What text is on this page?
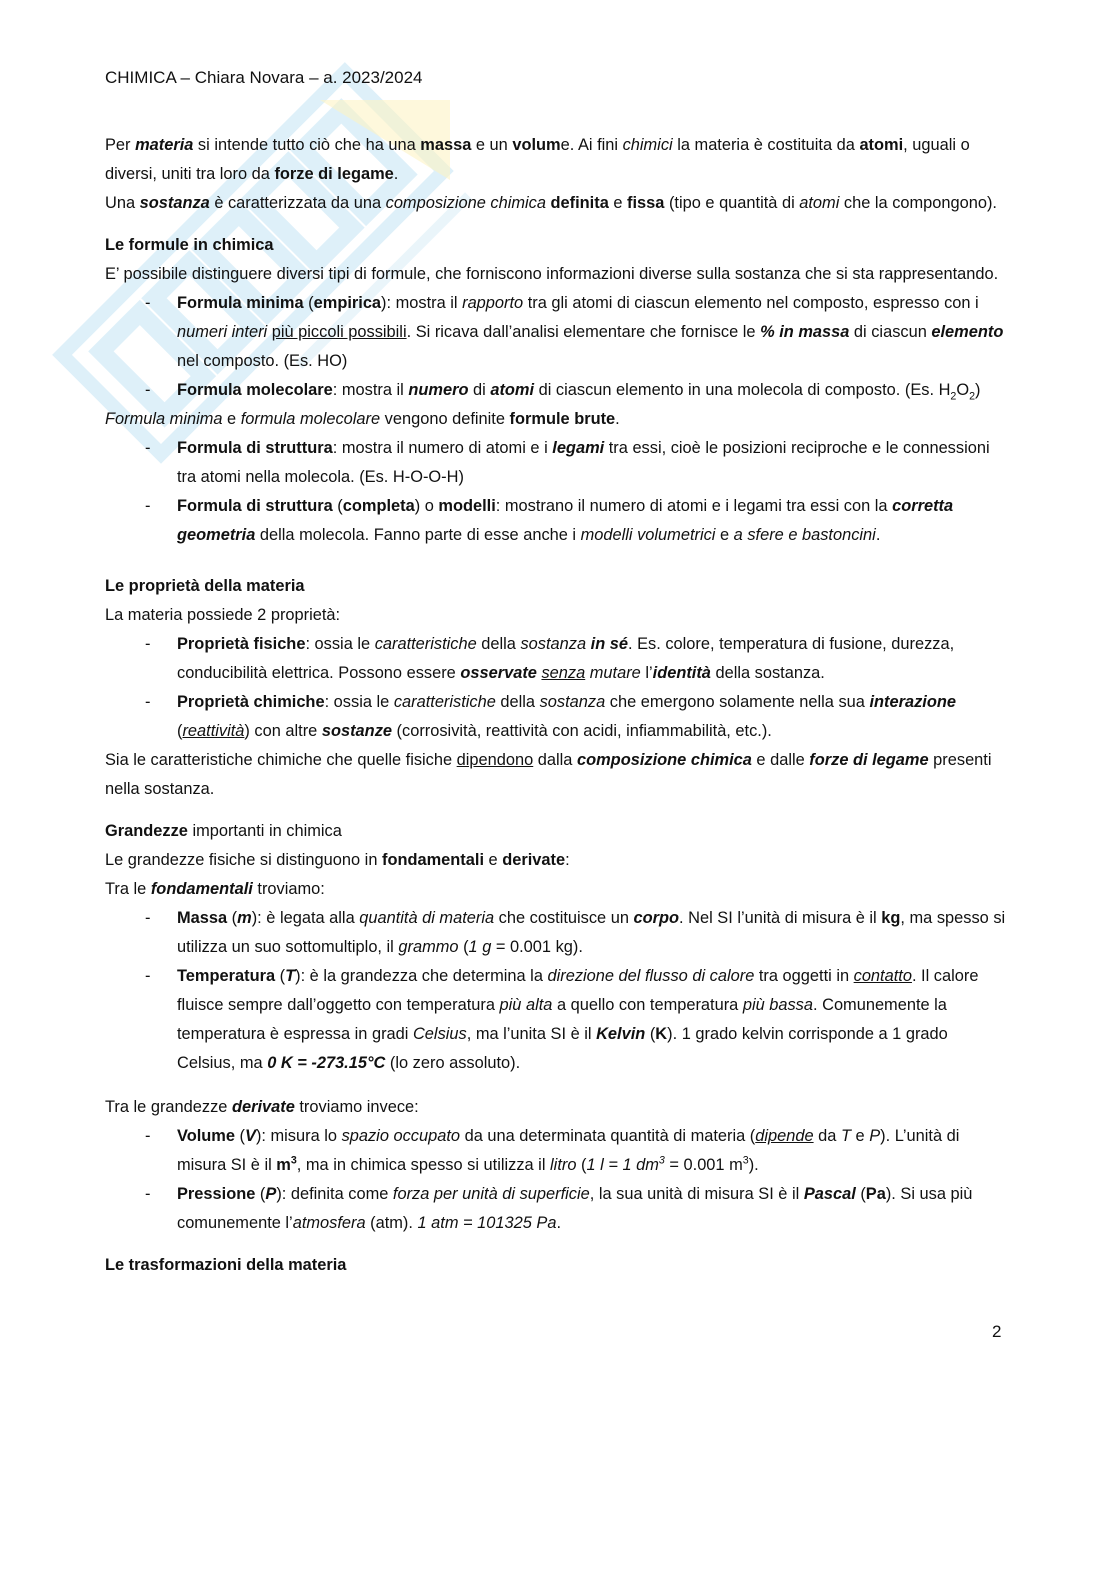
CHIMICA – Chiara Novara – a. 2023/2024
Per materia si intende tutto ciò che ha una massa e un volume. Ai fini chimici la materia è costituita da atomi, uguali o diversi, uniti tra loro da forze di legame.
Una sostanza è caratterizzata da una composizione chimica definita e fissa (tipo e quantità di atomi che la compongono).
Le formule in chimica
E’ possibile distinguere diversi tipi di formule, che forniscono informazioni diverse sulla sostanza che si sta rappresentando.
- Formula minima (empirica): mostra il rapporto tra gli atomi di ciascun elemento nel composto, espresso con i numeri interi più piccoli possibili. Si ricava dall’analisi elementare che fornisce le % in massa di ciascun elemento nel composto. (Es. HO)
- Formula molecolare: mostra il numero di atomi di ciascun elemento in una molecola di composto. (Es. $H_2O_2$)
Formula minima e formula molecolare vengono definite formule brute.
- Formula di struttura: mostra il numero di atomi e i legami tra essi, cioè le posizioni reciproche e le connessioni tra atomi nella molecola. (Es. H-O-O-H)
- Formula di struttura (completa) o modelli: mostrano il numero di atomi e i legami tra essi con la corretta geometria della molecola. Fanno parte di esse anche i modelli volumetrici e a sfere e bastoncini.
Le proprietà della materia
La materia possiede 2 proprietà:
- Proprietà fisiche: ossia le caratteristiche della sostanza in sé. Es. colore, temperatura di fusione, durezza, conducibilità elettrica. Possono essere osservate senza mutare l’identità della sostanza.
- Proprietà chimiche: ossia le caratteristiche della sostanza che emergono solamente nella sua interazione (reattività) con altre sostanze (corrosività, reattività con acidi, infiammabilità, etc.).
Sia le caratteristiche chimiche che quelle fisiche dipendono dalla composizione chimica e dalle forze di legame presenti nella sostanza.
Grandezze importanti in chimica
Le grandezze fisiche si distinguono in fondamentali e derivate:
Tra le fondamentali troviamo:
- Massa (m): è legata alla quantità di materia che costituisce un corpo. Nel SI l’unità di misura è il kg, ma spesso si utilizza un suo sottomultiplo, il grammo (1 g = 0.001 kg).
- Temperatura (T): è la grandezza che determina la direzione del flusso di calore tra oggetti in contatto. Il calore fluisce sempre dall’oggetto con temperatura più alta a quello con temperatura più bassa. Comunemente la temperatura è espressa in gradi Celsius, ma l’unita SI è il Kelvin (K). 1 grado kelvin corrisponde a 1 grado Celsius, ma 0 K = -273.15°C (lo zero assoluto).
Tra le grandezze derivate troviamo invece:
- Volume (V): misura lo spazio occupato da una determinata quantità di materia (dipende da T e P). L’unità di misura SI è il $m^3$, ma in chimica spesso si utilizza il litro (1 l = 1 $dm^3 = 0.001$ $m^3$).
- Pressione (P): definita come forza per unità di superficie, la sua unità di misura SI è il Pascal (Pa). Si usa più comunemente l’atmosfera (atm). 1 atm = 101325 Pa.
Le trasformazioni della materia
2
